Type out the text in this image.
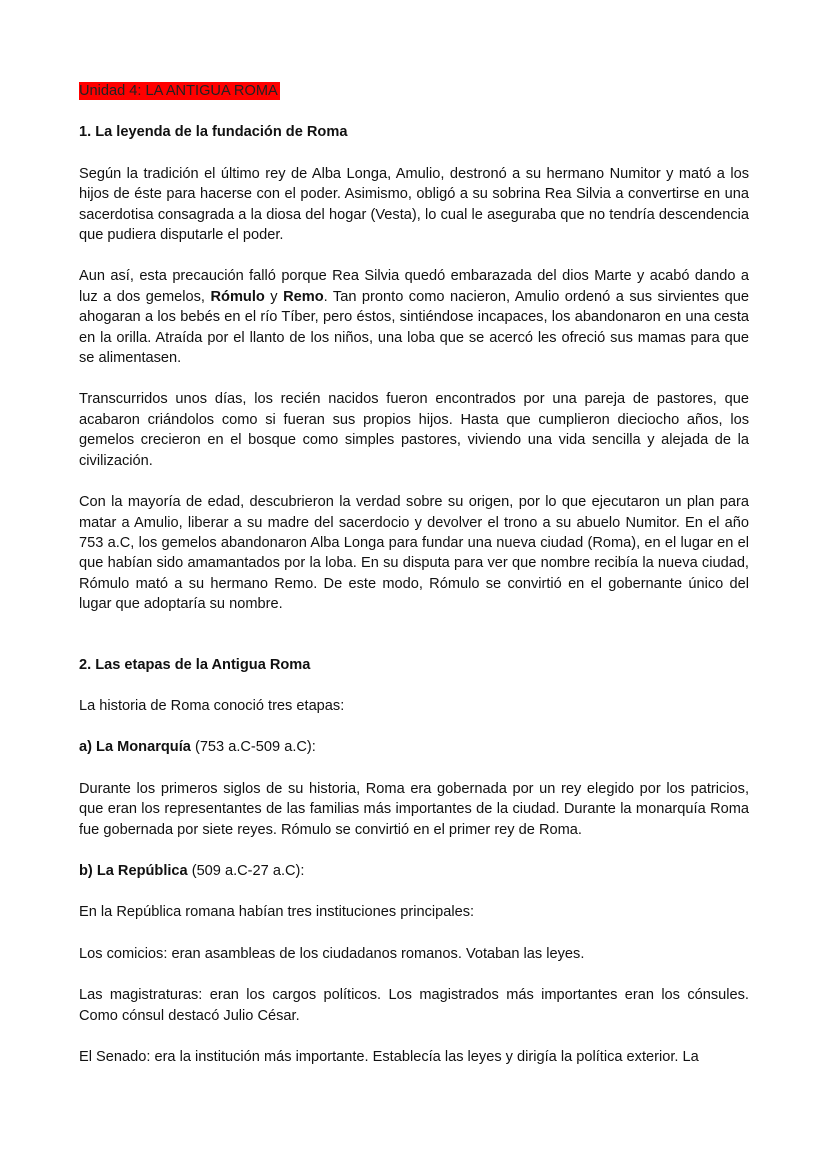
Unidad 4: LA ANTIGUA ROMA
1. La leyenda de la fundación de Roma

Según la tradición el último rey de Alba Longa, Amulio, destronó a su hermano Numitor y mató a los hijos de éste para hacerse con el poder. Asimismo, obligó a su sobrina Rea Silvia a convertirse en una sacerdotisa consagrada a la diosa del hogar (Vesta), lo cual le aseguraba que no tendría descendencia que pudiera disputarle el poder.

Aun así, esta precaución falló porque Rea Silvia quedó embarazada del dios Marte y acabó dando a luz a dos gemelos, Rómulo y Remo. Tan pronto como nacieron, Amulio ordenó a sus sirvientes que ahogaran a los bebés en el río Tíber, pero éstos, sintiéndose incapaces, los abandonaron en una cesta en la orilla. Atraída por el llanto de los niños, una loba que se acercó les ofreció sus mamas para que se alimentasen.

Transcurridos unos días, los recién nacidos fueron encontrados por una pareja de pastores, que acabaron criándolos como si fueran sus propios hijos. Hasta que cumplieron dieciocho años, los gemelos crecieron en el bosque como simples pastores, viviendo una vida sencilla y alejada de la civilización.

Con la mayoría de edad, descubrieron la verdad sobre su origen, por lo que ejecutaron un plan para matar a Amulio, liberar a su madre del sacerdocio y devolver el trono a su abuelo Numitor. En el año 753 a.C, los gemelos abandonaron Alba Longa para fundar una nueva ciudad (Roma), en el lugar en el que habían sido amamantados por la loba. En su disputa para ver que nombre recibía la nueva ciudad, Rómulo mató a su hermano Remo. De este modo, Rómulo se convirtió en el gobernante único del lugar que adoptaría su nombre.

2. Las etapas de la Antigua Roma

La historia de Roma conoció tres etapas:

a) La Monarquía (753 a.C-509 a.C):

Durante los primeros siglos de su historia, Roma era gobernada por un rey elegido por los patricios, que eran los representantes de las familias más importantes de la ciudad. Durante la monarquía Roma fue gobernada por siete reyes. Rómulo se convirtió en el primer rey de Roma.

b) La República (509 a.C-27 a.C):

En la República romana habían tres instituciones principales:

Los comicios: eran asambleas de los ciudadanos romanos. Votaban las leyes.

Las magistraturas: eran los cargos políticos. Los magistrados más importantes eran los cónsules. Como cónsul destacó Julio César.

El Senado: era la institución más importante. Establecía las leyes y dirigía la política exterior. La
